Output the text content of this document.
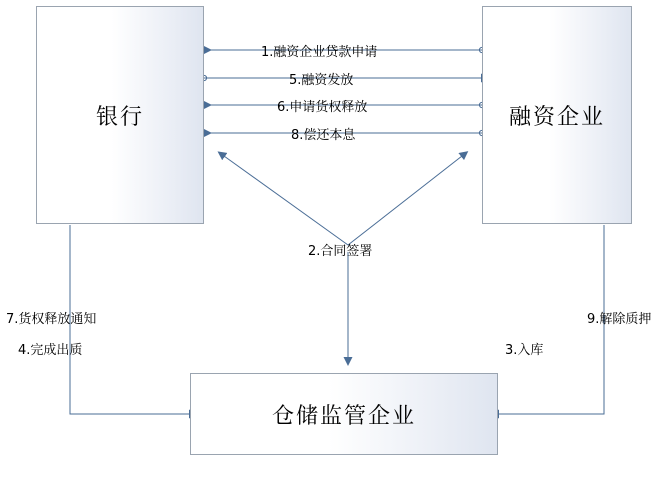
银行	融资企业
仓储监管企业
1.融资企业贷款申请
5.融资发放
6.申请货权释放
8.偿还本息
2.合同签署
7.货权释放通知
4.完成出质	3.入库
9.解除质押
